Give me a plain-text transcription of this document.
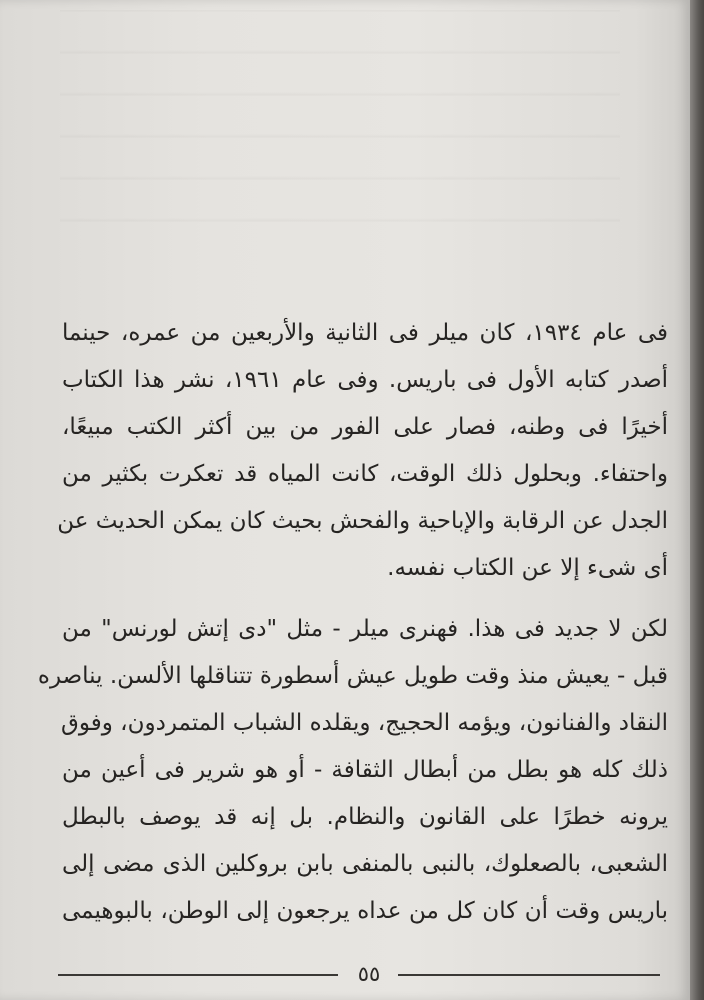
فى عام ١٩٣٤، كان ميلر فى الثانية والأربعين من عمره، حينما
أصدر كتابه الأول فى باريس. وفى عام ١٩٦١، نشر هذا الكتاب
أخيرًا فى وطنه، فصار على الفور من بين أكثر الكتب مبيعًا،
واحتفاء. وبحلول ذلك الوقت، كانت المياه قد تعكرت بكثير من
الجدل عن الرقابة والإباحية والفحش بحيث كان يمكن الحديث عن
أى شىء إلا عن الكتاب نفسه.

لكن لا جديد فى هذا. فهنرى ميلر - مثل "دى إتش لورنس" من
قبل - يعيش منذ وقت طويل عيش أسطورة تتناقلها الألسن. يناصره
النقاد والفنانون، ويؤمه الحجيج، ويقلده الشباب المتمردون، وفوق
ذلك كله هو بطل من أبطال الثقافة - أو هو شرير فى أعين من
يرونه خطرًا على القانون والنظام. بل إنه قد يوصف بالبطل
الشعبى، بالصعلوك، بالنبى بالمنفى بابن بروكلين الذى مضى إلى
باريس وقت أن كان كل من عداه يرجعون إلى الوطن، بالبوهيمى

٥٥
